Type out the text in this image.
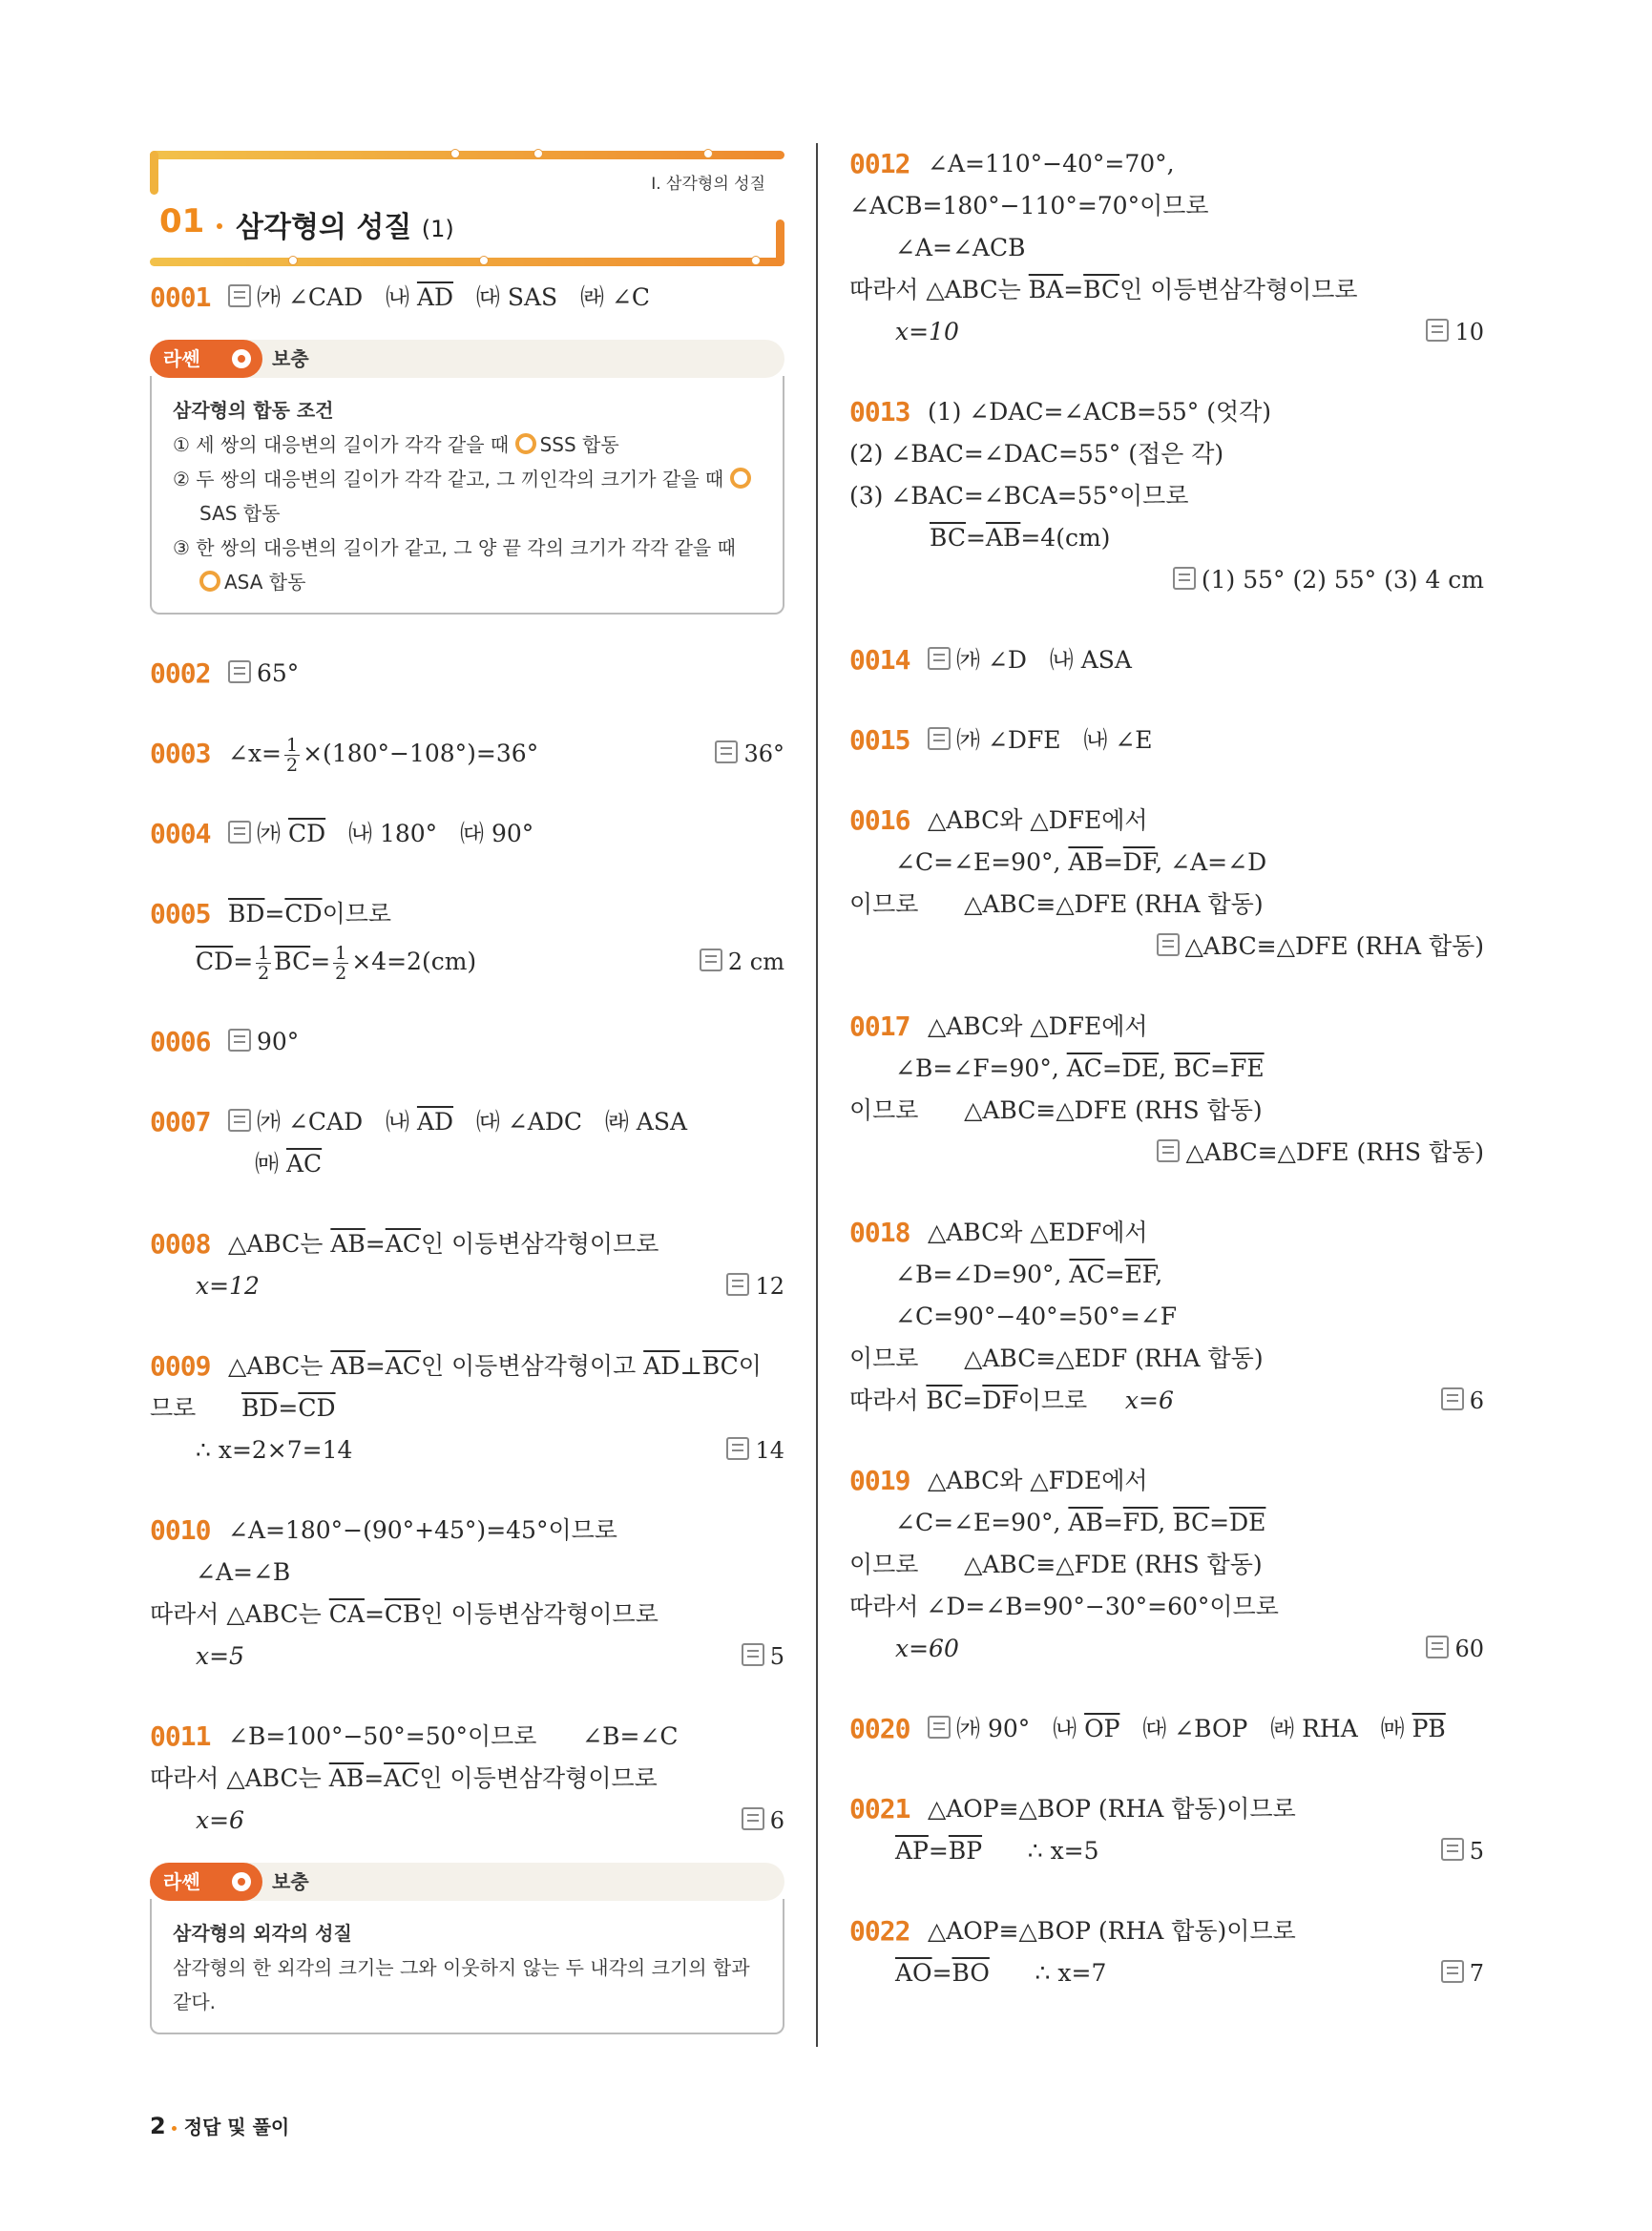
I. 삼각형의 성질
01 삼각형의 성질 (1)
0001	㈎ ∠CAD ㈏ $\overline{AD}$ ㈐ SAS ㈑ ∠C
라쎈	보충
삼각형의 합동 조건
① 세 쌍의 대응변의 길이가 각각 같을 때 SSS 합동
② 두 쌍의 대응변의 길이가 각각 같고, 그 끼인각의 크기가 같을 때 SAS 합동
③ 한 쌍의 대응변의 길이가 같고, 그 양 끝 각의 크기가 각각 같을 때 ASA 합동
0002	65°
0003 ∠x= $\frac{1}{2} \times(180^\circ-108^\circ)=36^\circ$	36°
0004	㈎ $\overline{CD}$ ㈏ 180° ㈐ 90°
0005 $\overline{BD}=\overline{CD}$이므로
$\overline{CD}= \frac{1}{2} \overline{BC}= \frac{1}{2} \times 4=2(cm)$	2 cm
0006	90°
0007	㈎ ∠CAD ㈏ $\overline{AD}$ ㈐ ∠ADC ㈑ ASA
㈒ $\overline{AC}$
0008 △ABC는 $\overline{AB}=\overline{AC}$인 이등변삼각형이므로
x=12	12
0009 △ABC는 $\overline{AB}=\overline{AC}$인 이등변삼각형이고 $\overline{AD}\perp\overline{BC}$이
므로 $\overline{BD}=\overline{CD}$
∴ x=2×7=14	14
0010 ∠A=180°−(90°+45°)=45°이므로
∠A=∠B
따라서 △ABC는 $\overline{CA}=\overline{CB}$인 이등변삼각형이므로
x=5	5
0011 ∠B=100°−50°=50°이므로 ∠B=∠C
따라서 △ABC는 $\overline{AB}=\overline{AC}$인 이등변삼각형이므로
x=6	6
라쎈	보충
삼각형의 외각의 성질
삼각형의 한 외각의 크기는 그와 이웃하지 않는 두 내각의 크기의 합과 같다.
0012 ∠A=110°−40°=70°,
∠ACB=180°−110°=70°이므로
∠A=∠ACB
따라서 △ABC는 $\overline{BA}=\overline{BC}$인 이등변삼각형이므로
x=10	10
0013 (1) ∠DAC=∠ACB=55° (엇각)
(2) ∠BAC=∠DAC=55° (접은 각)
(3) ∠BAC=∠BCA=55°이므로
$\overline{BC}=\overline{AB}=4(cm)$
(1) 55° (2) 55° (3) 4 cm
0014	㈎ ∠D ㈏ ASA
0015	㈎ ∠DFE ㈏ ∠E
0016 △ABC와 △DFE에서
∠C=∠E=90°, $\overline{AB}=\overline{DF}$, ∠A=∠D
이므로      △ABC≡△DFE (RHA 합동)
△ABC≡△DFE (RHA 합동)
0017 △ABC와 △DFE에서
∠B=∠F=90°, $\overline{AC}=\overline{DE}$, $\overline{BC}=\overline{FE}$
이므로      △ABC≡△DFE (RHS 합동)
△ABC≡△DFE (RHS 합동)
0018 △ABC와 △EDF에서
∠B=∠D=90°, $\overline{AC}=\overline{EF}$,
∠C=90°−40°=50°=∠F
이므로      △ABC≡△EDF (RHA 합동)
따라서 $\overline{BC}=\overline{DF}$이므로 x=6	6
0019 △ABC와 △FDE에서
∠C=∠E=90°, $\overline{AB}=\overline{FD}$, $\overline{BC}=\overline{DE}$
이므로      △ABC≡△FDE (RHS 합동)
따라서 ∠D=∠B=90°−30°=60°이므로
x=60	60
0020	㈎ 90° ㈏ $\overline{OP}$ ㈐ ∠BOP ㈑ RHA ㈒ $\overline{PB}$
0021 △AOP≡△BOP (RHA 합동)이므로
$\overline{AP}=\overline{BP}$ ∴ x=5	5
0022 △AOP≡△BOP (RHA 합동)이므로
$\overline{AO}=\overline{BO}$ ∴ x=7	7
2 정답 및 풀이
